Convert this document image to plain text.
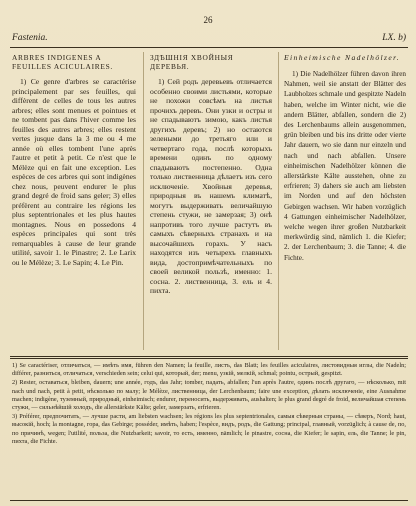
26
Fastenia.	LX. b)
ARBRES INDIGENES A FEUILLES ACICULAIRES.

1) Ce genre d'arbres se caractérise principalement par ses feuilles, qui diffèrent de celles de tous les autres arbres; elles sont menues et pointues et ne tombent pas dans l'hiver comme les feuilles des autres arbres; elles restent vertes jusque dans la 3 me ou 4 me année où elles tombent l'une après l'autre et petit à petit. Ce n'est que le Mélèze qui en fait une exception. Les espèces de ces arbres qui sont indigènes chez nous, peuvent endurer le plus grand degré de froid sans geler; 3) elles préfèrent au contraire les régions les plus septentrionales et les plus hautes montagnes. Nous en possedons 4 espèces principales qui sont très remarquables à cause de leur grande utilité, savoir 1. le Pinastre; 2. Le Larix ou le Mélèze; 3. Le Sapin; 4. Le Pin.

ЗДѢШНІЯ ХВОЙНЫЯ ДЕРЕВЬЯ.

1) Сей родъ деревьевъ отличается особенно своими листьями, которые не похожи совсѣмъ на листья прочихъ деревъ. Они узки и остры и не спадываютъ зимою, какъ листья другихъ деревъ; 2) но остаются зелеными до третьяго или и четвертаго года, послѣ которыхъ времени одинъ по одному спадываютъ постепенно. Одна только лиственница дѣлаетъ изъ сего исключеніе. Хвойныя деревья, природныя въ нашемъ климатѣ, могутъ выдерживать величайшую степень стужи, не замерзая; 3) онѣ напротивъ того лучше растутъ въ самыхъ сѣверныхъ странахъ и на высочайшихъ горахъ. У насъ находятся изъ четырехъ главныхъ вида, достопримѣчательныхъ по своей великой пользѣ, именно: 1. сосна. 2. лиственница, 3. ель и 4. пихта.

Einheimische Nadelhölzer.

1) Die Nadelhölzer führen davon ihren Nahmen, weil sie anstatt der Blätter des Laubholzes schmale und gespitzte Nadeln haben, welche im Winter nicht, wie die andern Blätter, abfallen, sondern die 2) des Lerchenbaums allein ausgenommen, grün bleiben und bis ins dritte oder vierte Jahr dauern, wo sie dann nur einzeln und nach und nach abfallen. Unsere einheimischen Nadelhölzer können die allerstärkste Kälte ausstehen, ohne zu erfrieren; 3) dahers sie auch am liebsten im Norden und auf den höchsten Gebirgen wachsen. Wir haben vorzüglich 4 Gattungen einheimischer Nadelhölzer, welche wegen ihrer großen Nutzbarkeit merkwürdig sind, nämlich 1. die Kiefer; 2. der Lerchenbaum; 3. die Tanne; 4. die Fichte.

1) Se caractériser, отличаться, — имѣть имя, führen den Namen; la feuille, листъ, das Blatt; les feuilles aciculaires, листовидныя иглы, die Nadeln; différer, разниться, отличаться, verschieden sein; celui qui, который, der; menu, узкій, мелкій, schmal; pointu, острый, gespitzt.

2) Rester, оставаться, bleiben, dauern; une année, годъ, das Jahr; tomber, падать, abfallen; l'un après l'autre, одинъ послѣ другаго, — нѣсколько, mit nach und nach, petit à petit, нѣсколько по малу; le Mélèze, лиственница, der Lerchenbaum; faire une exception, дѣлать исключеніе, eine Ausnahme machen; indigène, туземный, природный, einheimisch; endurer, переносить, выдерживать, aushalten; le plus grand degré de froid, величайшая степень стужи, — сильнѣйшій холодъ, die allerstärkste Kälte; geler, замерзать, erfrieren.

3) Préférer, предпочитать, — лучше расти, am liebsten wachsen; les régions les plus septentrionales, самыя сѣверныя страны, — сѣверъ, Nord; haut, высокій, hoch; la montagne, гора, das Gebirge; posséder, имѣть, haben; l'espèce, видъ, родъ, die Gattung; principal, главный, vorzüglich; à cause de, по, по причинѣ, wegen; l'utilité, польза, die Nutzbarkeit; savoir, то есть, именно, nämlich; le pinastre, сосна, die Kiefer; le sapin, ель, die Tanne; le pin, пихта, die Fichte.
